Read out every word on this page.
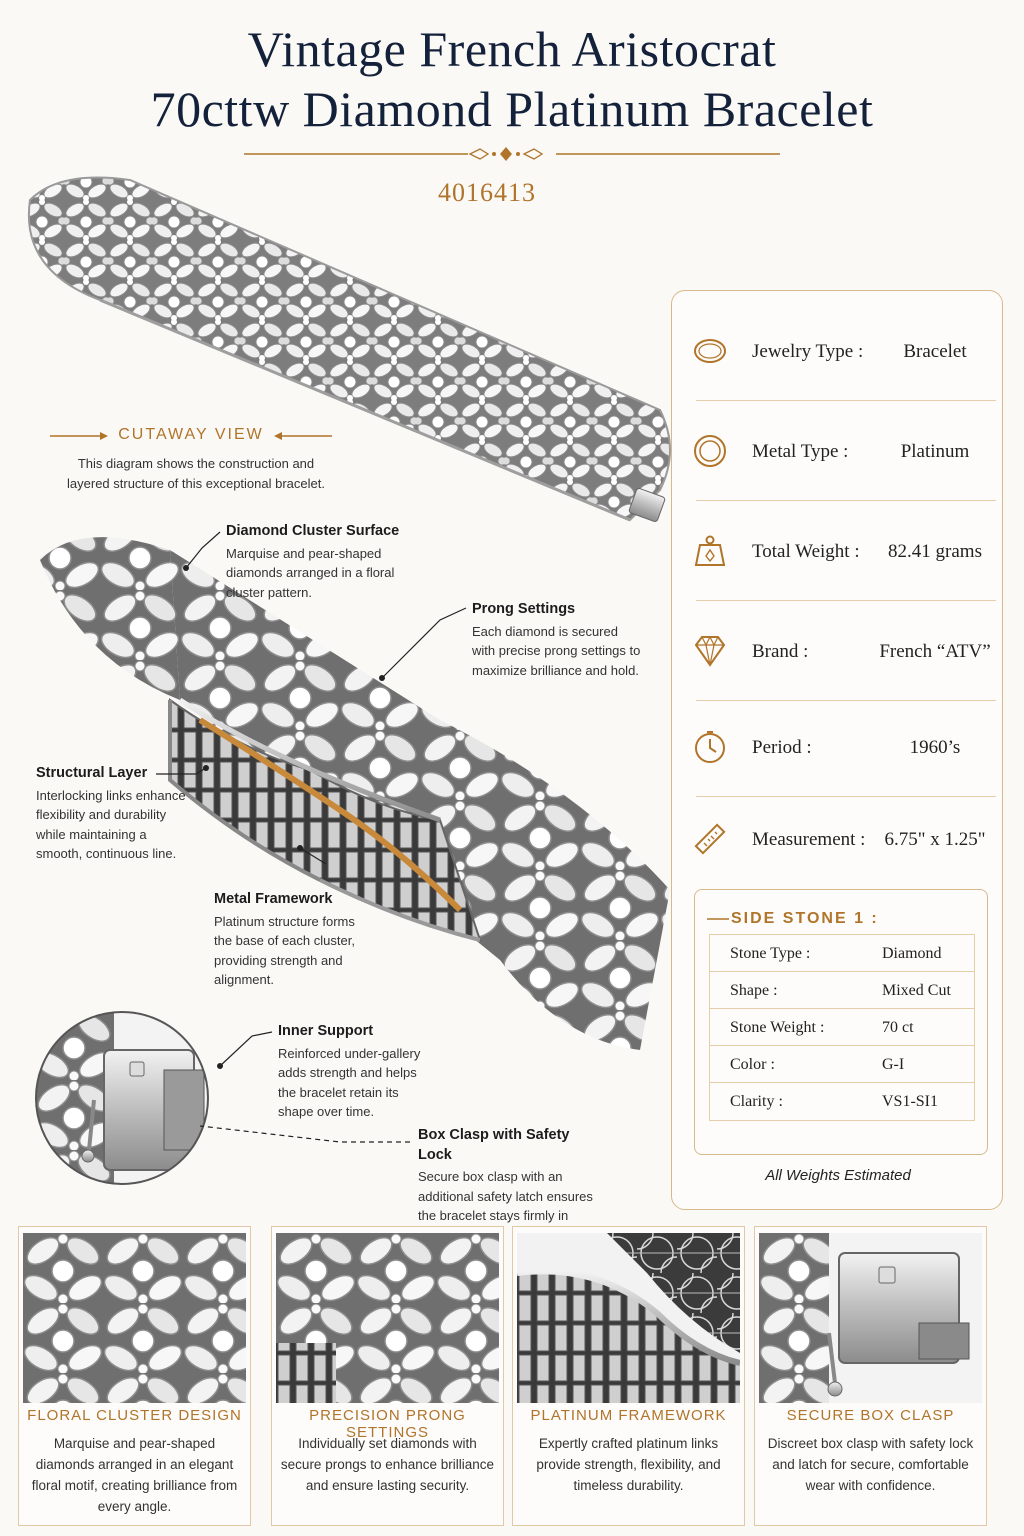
Vintage French Aristocrat
70cttw Diamond Platinum Bracelet
4016413
CUTAWAY VIEW
This diagram shows the construction and layered structure of this exceptional bracelet.
Diamond Cluster Surface
Marquise and pear-shaped diamonds arranged in a floral cluster pattern.
Prong Settings
Each diamond is secured with precise prong settings to maximize brilliance and hold.
Structural Layer
Interlocking links enhance flexibility and durability while maintaining a smooth, continuous line.
Metal Framework
Platinum structure forms the base of each cluster, providing strength and alignment.
Inner Support
Reinforced under-gallery adds strength and helps the bracelet retain its shape over time.
Box Clasp with Safety Lock
Secure box clasp with an additional safety latch ensures the bracelet stays firmly in
Jewelry Type :	Bracelet
Metal Type :	Platinum
Total Weight :	82.41 grams
Brand :	French “ATV”
Period :	1960’s
Measurement :	6.75" x 1.25"
SIDE STONE 1 :
Stone Type :	Diamond
Shape :	Mixed Cut
Stone Weight :	70 ct
Color :	G-I
Clarity :	VS1-SI1
All Weights Estimated
FLORAL CLUSTER DESIGN
Marquise and pear-shaped diamonds arranged in an elegant floral motif, creating brilliance from every angle.
PRECISION PRONG SETTINGS
Individually set diamonds with secure prongs to enhance brilliance and ensure lasting security.
PLATINUM FRAMEWORK
Expertly crafted platinum links provide strength, flexibility, and timeless durability.
SECURE BOX CLASP
Discreet box clasp with safety lock and latch for secure, comfortable wear with confidence.
